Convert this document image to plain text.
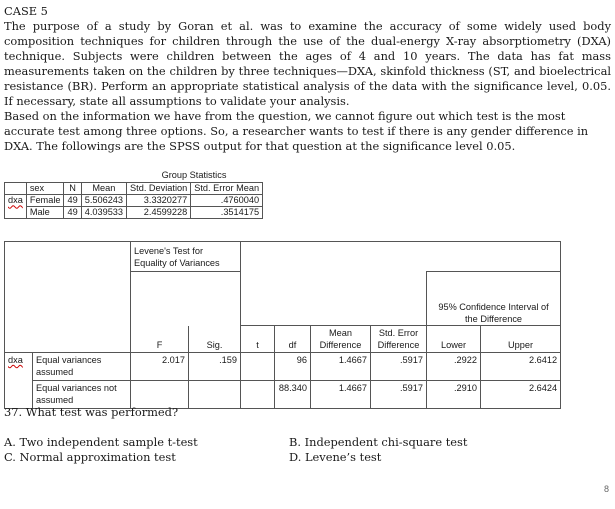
CASE 5

The purpose of a study by Goran et al. was to examine the accuracy of some widely used body composition techniques for children through the use of the dual-energy X-ray absorptiometry (DXA) technique. Subjects were children between the ages of 4 and 10 years. The data has fat mass measurements taken on the children by three techniques—DXA, skinfold thickness (ST, and bioelectrical resistance (BR). Perform an appropriate statistical analysis of the data with the significance level, 0.05. If necessary, state all assumptions to validate your analysis.

Based on the information we have from the question, we cannot figure out which test is the most accurate test among three options. So, a researcher wants to test if there is any gender difference in DXA. The followings are the SPSS output for that question at the significance level 0.05.

Group Statistics
	sex	N	Mean	Std. Deviation	Std. Error Mean
dxa	Female	49	5.506243	3.3320277	.4760040
	Male	49	4.039533	2.4599228	.3514175
		Levene's Test for Equality of Variances							
								95% Confidence Interval of the Difference	
		F	Sig.	t	df	Mean Difference	Std. Error Difference	Lower	Upper
dxa	Equal variances assumed	2.017	.159		96	1.4667	.5917	.2922	2.6412
	Equal variances not assumed				88.340	1.4667	.5917	.2910	2.6424
37. What test was performed?
A. Two independent sample t-test
C. Normal approximation test
B. Independent chi-square test
D. Levene’s test
8
